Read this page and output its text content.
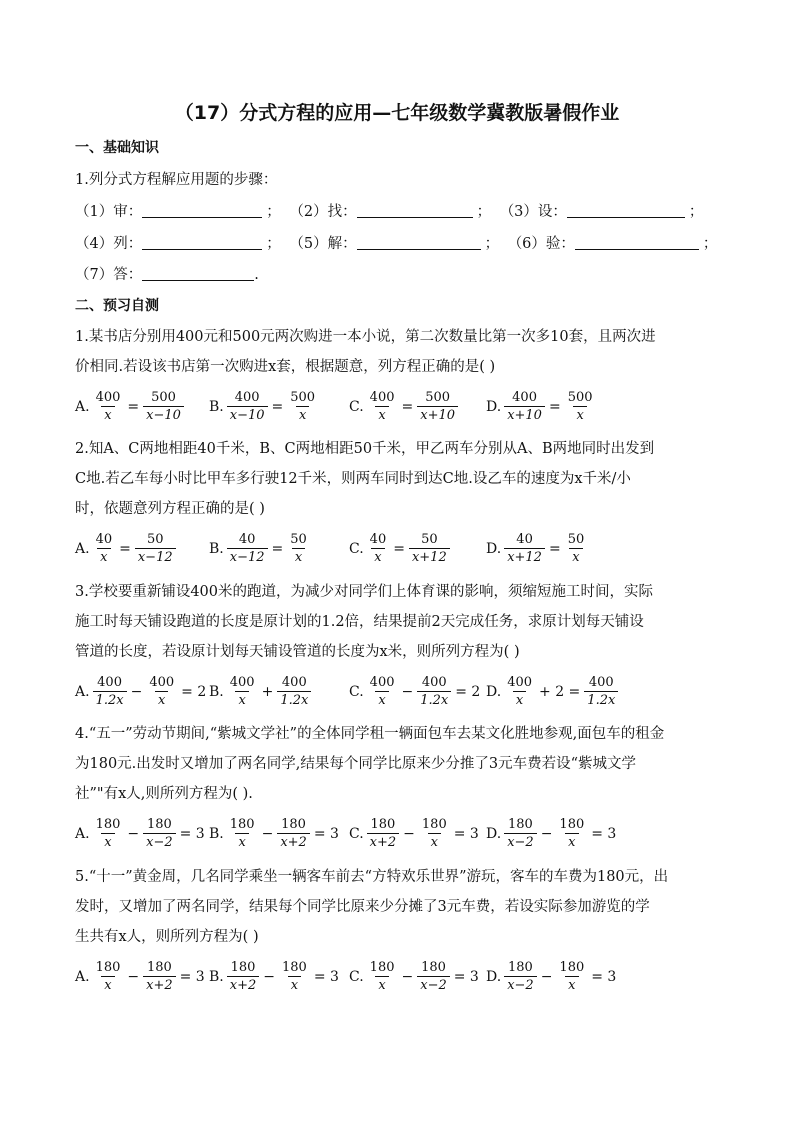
（17）分式方程的应用—七年级数学冀教版暑假作业
一、基础知识
1.列分式方程解应用题的步骤：
（1）审：	； （2）找：	； （3）设：	；
（4）列：	； （5）解：	； （6）验：	；
（7）答：	.
二、预习自测
1.某书店分别用400元和500元两次购进一本小说，第二次数量比第一次多10套，且两次进
价相同.若设该书店第一次购进x套，根据题意，列方程正确的是( )
A. $\frac{400}{x} = \frac{500}{x-10} B$. $\frac{400}{x-10} = \frac{500}{x} C$. $\frac{400}{x} = \frac{500}{x+10} D$. $\frac{400}{x+10} = \frac{500}{x}$
2.知A、C两地相距40千米，B、C两地相距50千米，甲乙两车分别从A、B两地同时出发到
C地.若乙车每小时比甲车多行驶12千米，则两车同时到达C地.设乙车的速度为x千米/小
时，依题意列方程正确的是( )
A. $\frac{40}{x} = \frac{50}{x-12} B$. $\frac{40}{x-12} = \frac{50}{x}$	C. $\frac{40}{x} = \frac{50}{x+12}$	D. $\frac{40}{x+12} = \frac{50}{x}$
3.学校要重新铺设400米的跑道，为减少对同学们上体育课的影响，须缩短施工时间，实际
施工时每天铺设跑道的长度是原计划的1.2倍，结果提前2天完成任务，求原计划每天铺设
管道的长度，若设原计划每天铺设管道的长度为x米，则所列方程为( )
A. $\frac{400}{1.2x} - \frac{400}{x} = 2$ B. $\frac{400}{x} + \frac{400}{1.2x}$	C. $\frac{400}{x} - \frac{400}{1.2x} = 2$ D. $\frac{400}{x} + 2 = \frac{400}{1.2x}$
4.“五一”劳动节期间,“紫城文学社”的全体同学租一辆面包车去某文化胜地参观,面包车的租金
为180元.出发时又增加了两名同学,结果每个同学比原来少分推了3元车费若设“紫城文学
社”"有x人,则所列方程为( ).
A. $\frac{180}{x} - \frac{180}{x-2} = 3$ B. $\frac{180}{x} - \frac{180}{x+2} = 3$ C. $\frac{180}{x+2} - \frac{180}{x} = 3$ D. $\frac{180}{x-2} - \frac{180}{x} = 3$
5.“十一”黄金周，几名同学乘坐一辆客车前去“方特欢乐世界”游玩，客车的车费为180元，出
发时，又增加了两名同学，结果每个同学比原来少分摊了3元车费，若设实际参加游览的学
生共有x人，则所列方程为( )
A. $\frac{180}{x} - \frac{180}{x+2} = 3$ B. $\frac{180}{x+2} - \frac{180}{x} = 3$ C. $\frac{180}{x} - \frac{180}{x-2} = 3$ D. $\frac{180}{x-2} - \frac{180}{x} = 3$
